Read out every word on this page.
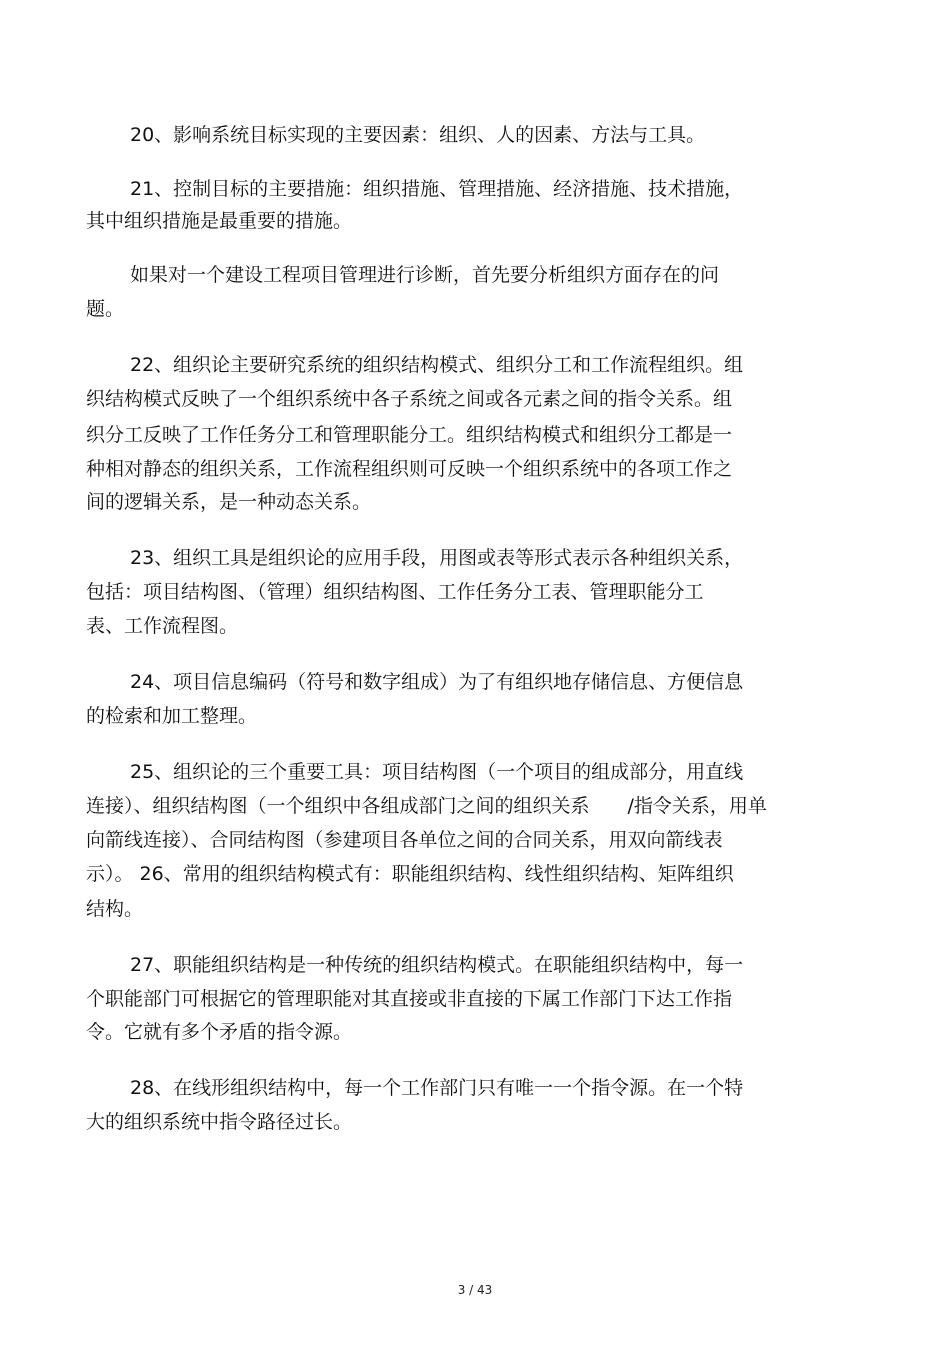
20、影响系统目标实现的主要因素：组织、人的因素、方法与工具。
21、控制目标的主要措施：组织措施、管理措施、经济措施、技术措施，
其中组织措施是最重要的措施。
如果对一个建设工程项目管理进行诊断，首先要分析组织方面存在的问
题。
22、组织论主要研究系统的组织结构模式、组织分工和工作流程组织。组
织结构模式反映了一个组织系统中各子系统之间或各元素之间的指令关系。组
织分工反映了工作任务分工和管理职能分工。组织结构模式和组织分工都是一
种相对静态的组织关系，工作流程组织则可反映一个组织系统中的各项工作之
间的逻辑关系，是一种动态关系。
23、组织工具是组织论的应用手段，用图或表等形式表示各种组织关系，
包括：项目结构图、（管理）组织结构图、工作任务分工表、管理职能分工
表、工作流程图。
24、项目信息编码（符号和数字组成）为了有组织地存储信息、方便信息
的检索和加工整理。
25、组织论的三个重要工具：项目结构图（一个项目的组成部分，用直线
连接）、组织结构图（一个组织中各组成部门之间的组织关系 /指令关系，用单
向箭线连接）、合同结构图（参建项目各单位之间的合同关系，用双向箭线表
示）。 26、常用的组织结构模式有：职能组织结构、线性组织结构、矩阵组织
结构。
27、职能组织结构是一种传统的组织结构模式。在职能组织结构中，每一
个职能部门可根据它的管理职能对其直接或非直接的下属工作部门下达工作指
令。它就有多个矛盾的指令源。
28、在线形组织结构中，每一个工作部门只有唯一一个指令源。在一个特
大的组织系统中指令路径过长。
3 / 43
